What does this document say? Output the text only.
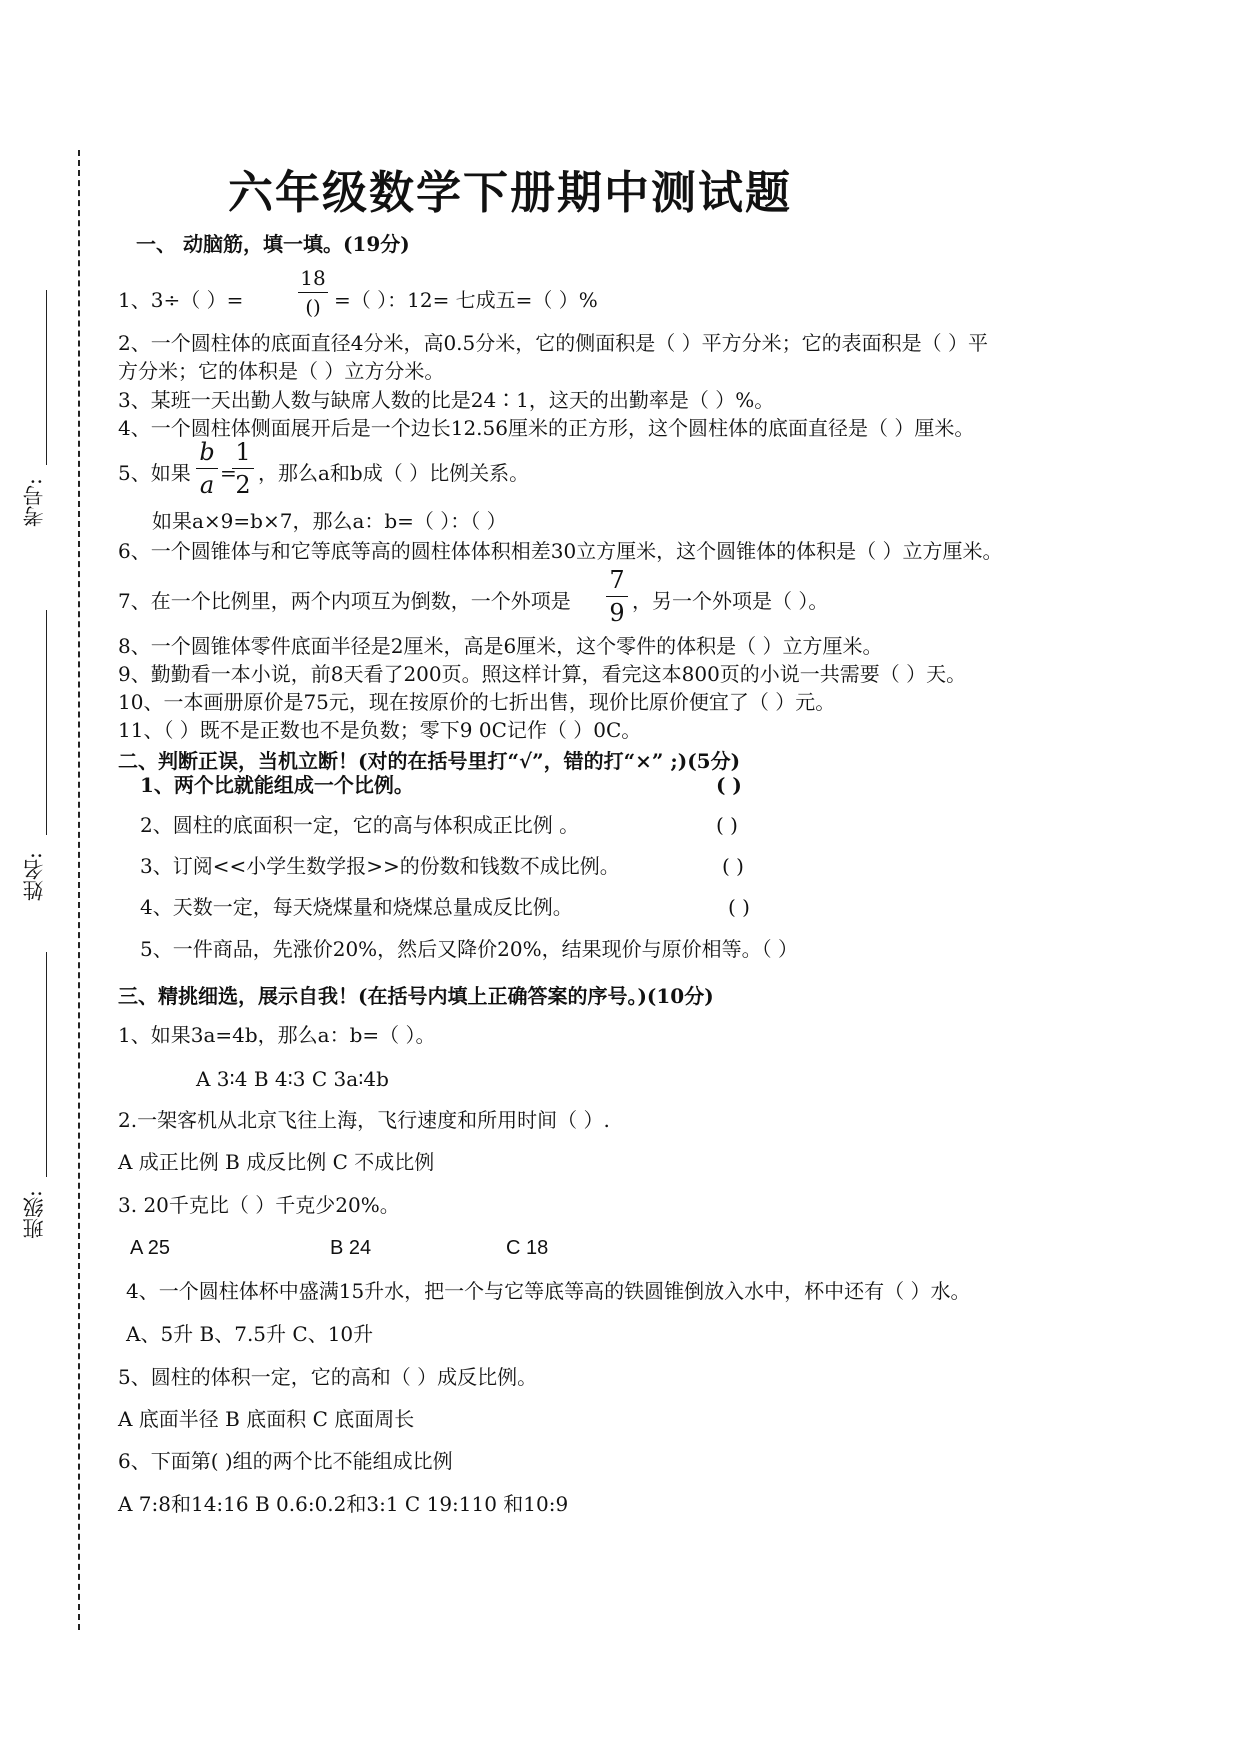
考号:
姓名:
班级:
六年级数学下册期中测试题
一、 动脑筋，填一填。(19分)
1、3÷（ ）=
18
() =（ ）：12= 七成五=（ ）%
2、一个圆柱体的底面直径4分米，高0.5分米，它的侧面积是（ ）平方分米；它的表面积是（ ）平
方分米；它的体积是（ ）立方分米。
3、某班一天出勤人数与缺席人数的比是24∶1，这天的出勤率是（ ）%。
4、一个圆柱体侧面展开后是一个边长12.56厘米的正方形，这个圆柱体的底面直径是（ ）厘米。
5、如果
b
a =
1
2 ，那么a和b成（ ）比例关系。
如果a×9=b×7，那么a：b=（ ）：（ ）
6、一个圆锥体与和它等底等高的圆柱体体积相差30立方厘米，这个圆锥体的体积是（ ）立方厘米。
7、在一个比例里，两个内项互为倒数，一个外项是
7
9 ，另一个外项是（ ）。
8、一个圆锥体零件底面半径是2厘米，高是6厘米，这个零件的体积是（ ）立方厘米。
9、勤勤看一本小说，前8天看了200页。照这样计算，看完这本800页的小说一共需要（ ）天。
10、一本画册原价是75元，现在按原价的七折出售，现价比原价便宜了（ ）元。
11、（ ）既不是正数也不是负数；零下9 0C记作（ ）0C。
二、判断正误，当机立断！(对的在括号里打“√”，错的打“×” ;)(5分)
1、两个比就能组成一个比例。	( )
2、圆柱的底面积一定，它的高与体积成正比例 。	( )
3、订阅<<小学生数学报>>的份数和钱数不成比例。	( )
4、天数一定，每天烧煤量和烧煤总量成反比例。	( )
5、一件商品，先涨价20%，然后又降价20%，结果现价与原价相等。（ ）
三、精挑细选，展示自我！(在括号内填上正确答案的序号。)(10分)
1、如果3a=4b，那么a：b=（ ）。
A 3∶4 B 4∶3 C 3a∶4b
2.一架客机从北京飞往上海，飞行速度和所用时间（ ）.
A 成正比例 B 成反比例 C 不成比例
3. 20千克比（ ）千克少20%。
A 25	B 24	C 18
4、一个圆柱体杯中盛满15升水，把一个与它等底等高的铁圆锥倒放入水中，杯中还有（ ）水。
A、5升 B、7.5升 C、10升
5、圆柱的体积一定，它的高和（ ）成反比例。
A 底面半径 B 底面积 C 底面周长
6、下面第( )组的两个比不能组成比例
A 7:8和14:16 B 0.6:0.2和3:1 C 19:110 和10:9
